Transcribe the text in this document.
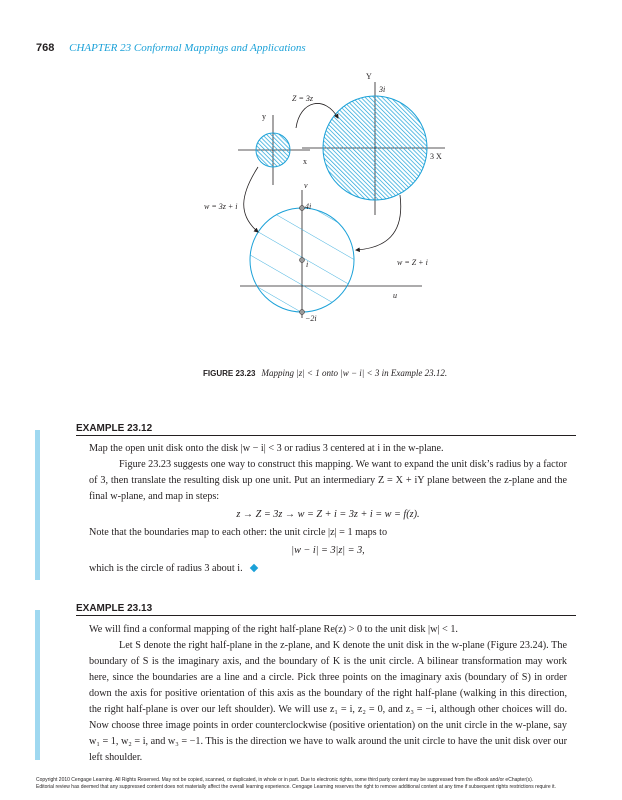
768 CHAPTER 23 Conformal Mappings and Applications
y
x
Y
3i
3 X
v
4i
i
u
−2i
Z = 3z
w = 3z + i
w = Z + i
FIGURE 23.23 Mapping |z| < 1 onto |w − i| < 3 in Example 23.12.
EXAMPLE 23.12

Map the open unit disk onto the disk |w − i| < 3 or radius 3 centered at i in the w-plane.

Figure 23.23 suggests one way to construct this mapping. We want to expand the unit disk’s radius by a factor of 3, then translate the resulting disk up one unit. Put an intermediary Z = X + iY plane between the z-plane and the final w-plane, and map in steps:

z → Z = 3z → w = Z + i = 3z + i = w = f(z).

Note that the boundaries map to each other: the unit circle |z| = 1 maps to

|w − i| = 3|z| = 3,

which is the circle of radius 3 about i.

EXAMPLE 23.13

We will find a conformal mapping of the right half-plane Re(z) > 0 to the unit disk |w| < 1.

Let S denote the right half-plane in the z-plane, and K denote the unit disk in the w-plane (Figure 23.24). The boundary of S is the imaginary axis, and the boundary of K is the unit circle. A bilinear transformation may work here, since the boundaries are a line and a circle. Pick three points on the imaginary axis (boundary of S) in order down the axis for positive orientation of this axis as the boundary of the right half-plane (walking in this direction, the right half-plane is over our left shoulder). We will use z₁ = i, z₂ = 0, and z₃ = −i, although other choices will do. Now choose three image points in order counterclockwise (positive orientation) on the unit circle in the w-plane, say w₁ = 1, w₂ = i, and w₃ = −1. This is the direction we have to walk around the unit circle to have the unit disk over our left shoulder.

Copyright 2010 Cengage Learning. All Rights Reserved. May not be copied, scanned, or duplicated, in whole or in part. Due to electronic rights, some third party content may be suppressed from the eBook and/or eChapter(s).
Editorial review has deemed that any suppressed content does not materially affect the overall learning experience. Cengage Learning reserves the right to remove additional content at any time if subsequent rights restrictions require it.
